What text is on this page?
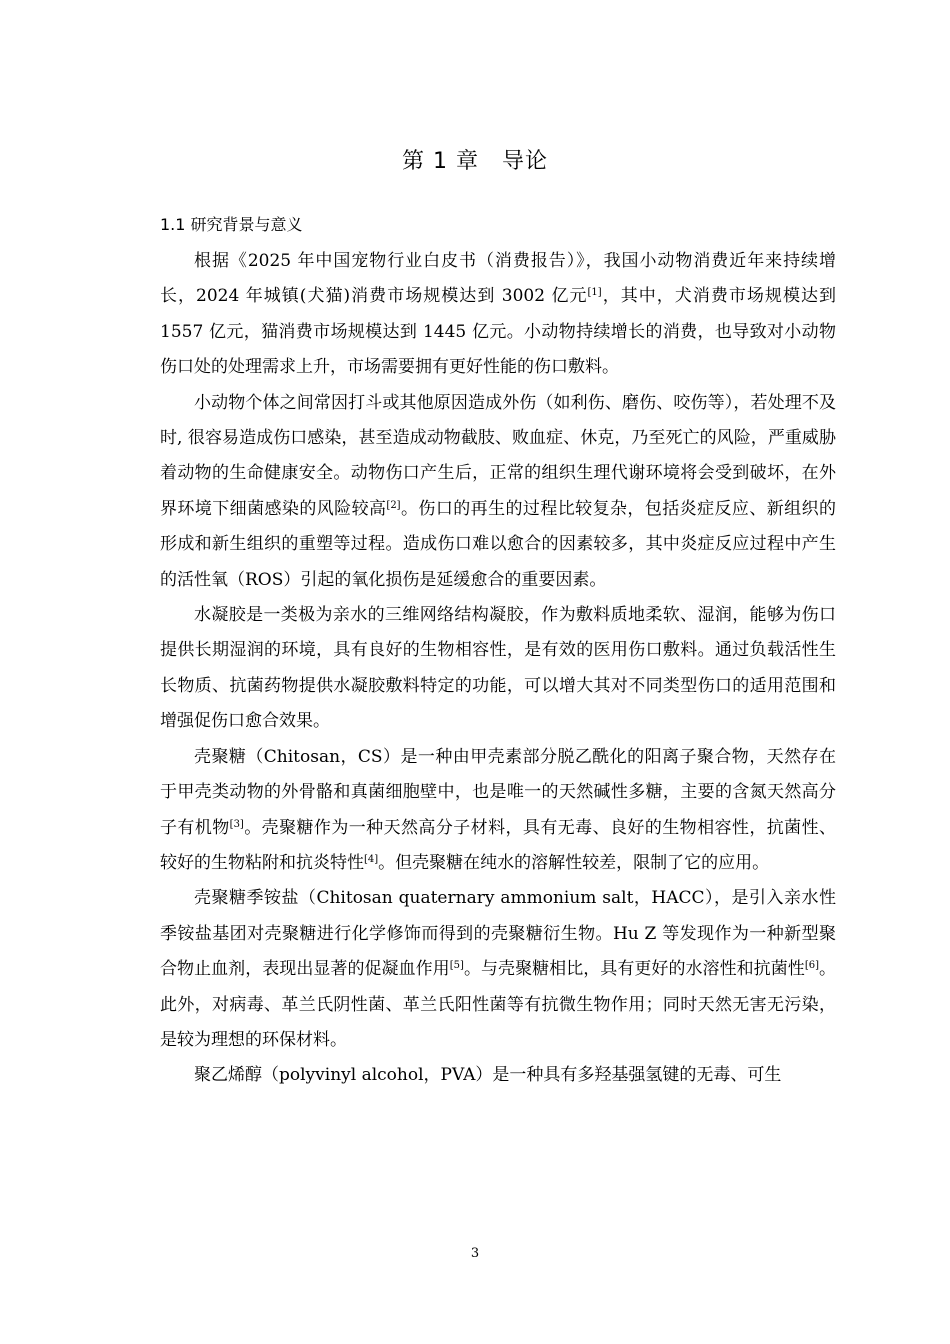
第 1 章　导论
1.1 研究背景与意义

根据《2025 年中国宠物行业白皮书（消费报告）》，我国小动物消费近年来持续增长，2024 年城镇(犬猫)消费市场规模达到 3002 亿元[1]，其中，犬消费市场规模达到 1557 亿元，猫消费市场规模达到 1445 亿元。小动物持续增长的消费，也导致对小动物伤口处的处理需求上升，市场需要拥有更好性能的伤口敷料。

小动物个体之间常因打斗或其他原因造成外伤（如利伤、磨伤、咬伤等），若处理不及时, 很容易造成伤口感染，甚至造成动物截肢、败血症、休克，乃至死亡的风险，严重威胁着动物的生命健康安全。动物伤口产生后，正常的组织生理代谢环境将会受到破坏，在外界环境下细菌感染的风险较高[2]。伤口的再生的过程比较复杂，包括炎症反应、新组织的形成和新生组织的重塑等过程。造成伤口难以愈合的因素较多，其中炎症反应过程中产生的活性氧（ROS）引起的氧化损伤是延缓愈合的重要因素。

水凝胶是一类极为亲水的三维网络结构凝胶，作为敷料质地柔软、湿润，能够为伤口提供长期湿润的环境，具有良好的生物相容性，是有效的医用伤口敷料。通过负载活性生长物质、抗菌药物提供水凝胶敷料特定的功能，可以增大其对不同类型伤口的适用范围和增强促伤口愈合效果。

壳聚糖（Chitosan，CS）是一种由甲壳素部分脱乙酰化的阳离子聚合物，天然存在于甲壳类动物的外骨骼和真菌细胞壁中，也是唯一的天然碱性多糖，主要的含氮天然高分子有机物[3]。壳聚糖作为一种天然高分子材料，具有无毒、良好的生物相容性，抗菌性、较好的生物粘附和抗炎特性[4]。但壳聚糖在纯水的溶解性较差，限制了它的应用。

壳聚糖季铵盐（Chitosan quaternary ammonium salt，HACC），是引入亲水性季铵盐基团对壳聚糖进行化学修饰而得到的壳聚糖衍生物。Hu Z 等发现作为一种新型聚合物止血剂，表现出显著的促凝血作用[5]。与壳聚糖相比，具有更好的水溶性和抗菌性[6]。此外，对病毒、革兰氏阴性菌、革兰氏阳性菌等有抗微生物作用；同时天然无害无污染，是较为理想的环保材料。

聚乙烯醇（polyvinyl alcohol，PVA）是一种具有多羟基强氢键的无毒、可生

3
